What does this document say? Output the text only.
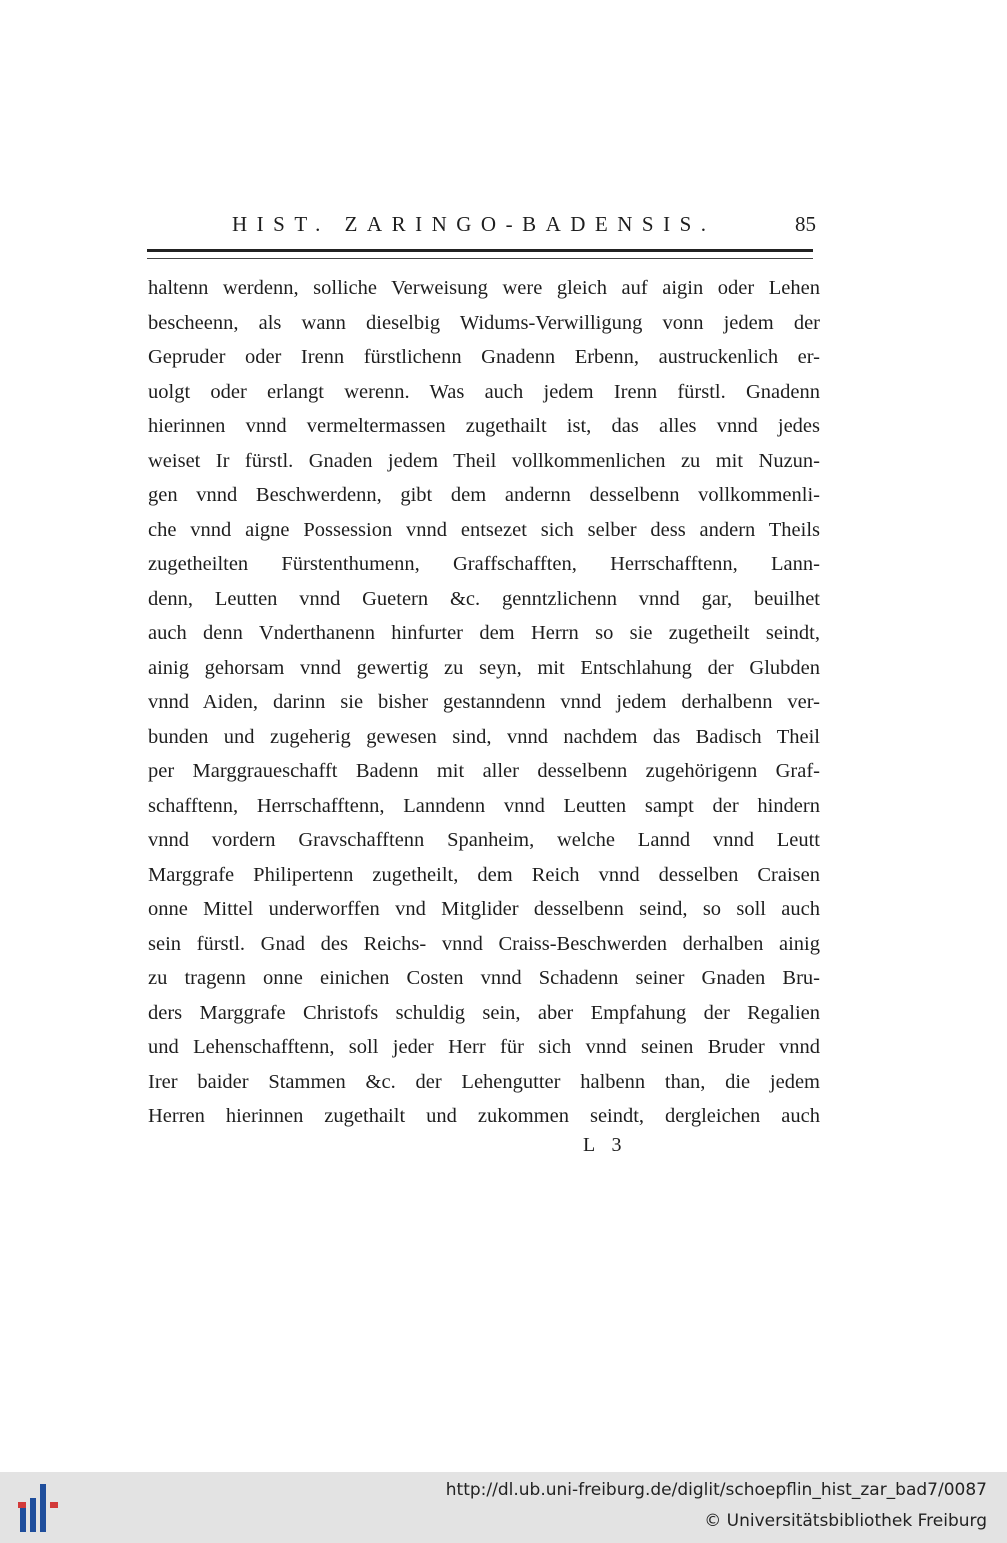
HIST. ZARINGO-BADENSIS.	85
haltenn werdenn, solliche Verweisung were gleich auf aigin oder Lehen
beschеenn, als wann dieselbig Widums-Verwilligung vonn jedem der
Gepruder oder Irenn fürstlichenn Gnadenn Erbenn, austruckenlich er-
uolgt oder erlangt werenn. Was auch jedem Irenn fürstl. Gnadenn
hierinnen vnnd vermeltermassen zugethailt ist, das alles vnnd jedes
weiset Ir fürstl. Gnaden jedem Theil vollkommenlichen zu mit Nuzun-
gen vnnd Beschwerdenn, gibt dem andernn desselbenn vollkommenli-
che vnnd aigne Possession vnnd entsezet sich selber dess andern Theils
zugetheilten Fürstenthumenn, Graffschafften, Herrschafftenn, Lann-
denn, Leutten vnnd Guetern &c. genntzlichenn vnnd gar, beuilhet
auch denn Vnderthanenn hinfurter dem Herrn so sie zugetheilt seindt,
ainig gehorsam vnnd gewertig zu seyn, mit Entschlahung der Glubden
vnnd Aiden, darinn sie bisher gestanndenn vnnd jedem derhalbenn ver-
bunden und zugeherig gewesen sind, vnnd nachdem das Badisch Theil
per Marggrauеschafft Badenn mit aller desselbenn zugehörigenn Graf-
schafftenn, Herrschafftenn, Lanndenn vnnd Leutten sampt der hindern
vnnd vordern Gravschafftenn Spanheim, welche Lannd vnnd Leutt
Marggrafe Philipertenn zugetheilt, dem Reich vnnd desselben Craisen
onne Mittel underworffen vnd Mitglider desselbenn seind, so soll auch
sein fürstl. Gnad des Reichs- vnnd Craiss-Beschwerden derhalben ainig
zu tragenn onne einichen Costen vnnd Schadenn seiner Gnaden Bru-
ders Marggrafe Christofs schuldig sein, aber Empfahung der Regalien
und Lehenschafftenn, soll jeder Herr für sich vnnd seinen Bruder vnnd
Irer baider Stammen &c. der Lehengutter halbenn than, die jedem
Herren hierinnen zugethailt und zukommen seindt, dergleichen auch
L 3
http://dl.ub.uni-freiburg.de/diglit/schoepflin_hist_zar_bad7/0087
© Universitätsbibliothek Freiburg
